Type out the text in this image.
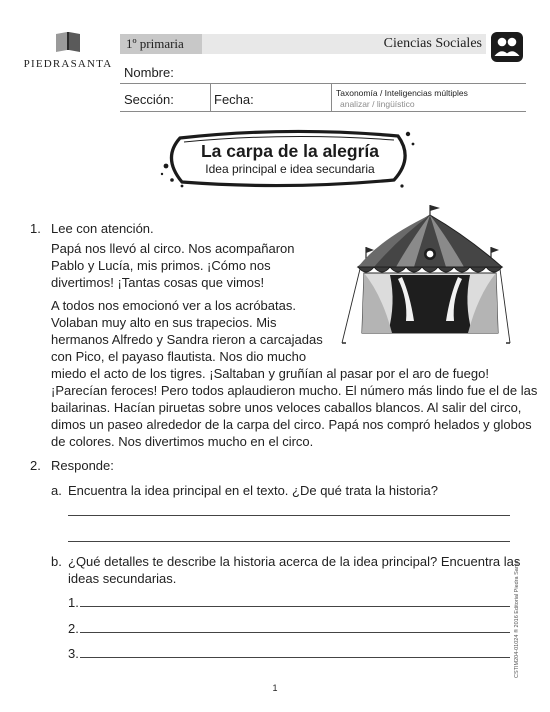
PIEDRASANTA
1º primaria	Ciencias Sociales
Nombre:
Sección:	Fecha:	Taxonomía / Inteligencias múltiples
analizar / lingüístico
La carpa de la alegría
Idea principal e idea secundaria
1. Lee con atención.
Papá nos llevó al circo. Nos acompañaron
Pablo y Lucía, mis primos. ¡Cómo nos
divertimos! ¡Tantas cosas que vimos!
A todos nos emocionó ver a los acróbatas.
Volaban muy alto en sus trapecios. Mis
hermanos Alfredo y Sandra rieron a carcajadas
con Pico, el payaso flautista. Nos dio mucho
miedo el acto de los tigres. ¡Saltaban y gruñían al pasar por el aro de fuego!
¡Parecían feroces! Pero todos aplaudieron mucho. El número más lindo fue el de las
bailarinas. Hacían piruetas sobre unos veloces caballos blancos. Al salir del circo,
dimos un paseo alrededor de la carpa del circo. Papá nos compró helados y globos
de colores. Nos divertimos mucho en el circo.
2. Responde:
a. Encuentra la idea principal en el texto. ¿De qué trata la historia?
b. ¿Qué detalles te describe la historia acerca de la idea principal? Encuentra las
ideas secundarias.
1.
2.
3.	CSTIM204-01024 ® 2016 Editorial Piedra Santa
1
